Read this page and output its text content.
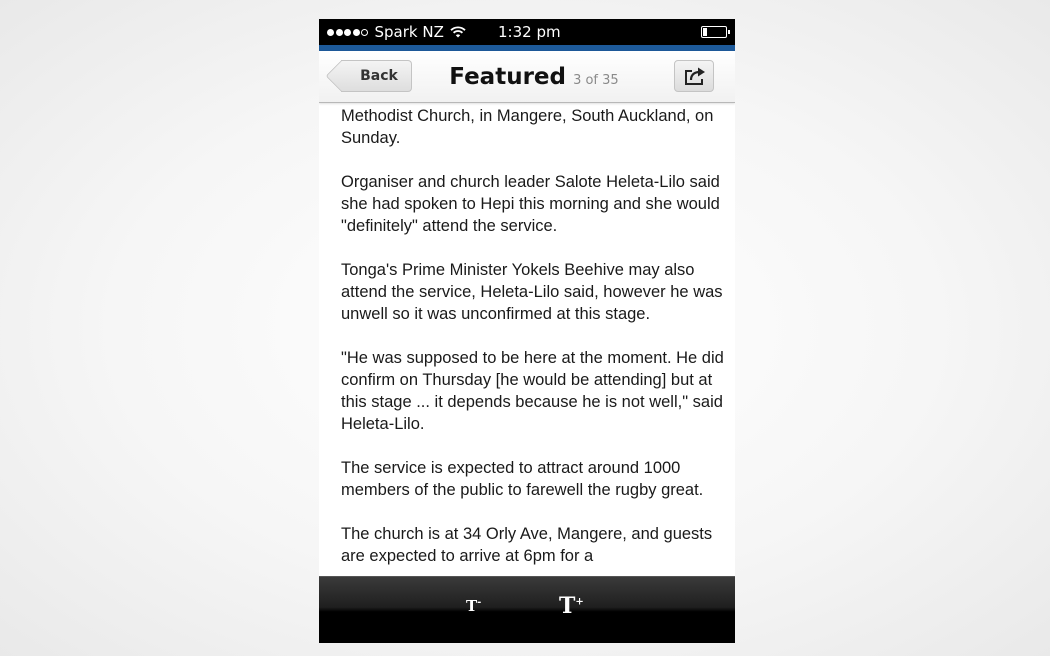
Spark NZ	1:32 pm
Back	Featured 3 of 35

Methodist Church, in Mangere, South Auckland, on Sunday.

Organiser and church leader Salote Heleta-Lilo said she had spoken to Hepi this morning and she would "definitely" attend the service.

Tonga's Prime Minister Yokels Beehive may also attend the service, Heleta-Lilo said, however he was unwell so it was unconfirmed at this stage.

"He was supposed to be here at the moment. He did confirm on Thursday [he would be attending] but at this stage ... it depends because he is not well," said Heleta-Lilo.

The service is expected to attract around 1000 members of the public to farewell the rugby great.

The church is at 34 Orly Ave, Mangere, and guests are expected to arrive at 6pm for a

T-	T+
